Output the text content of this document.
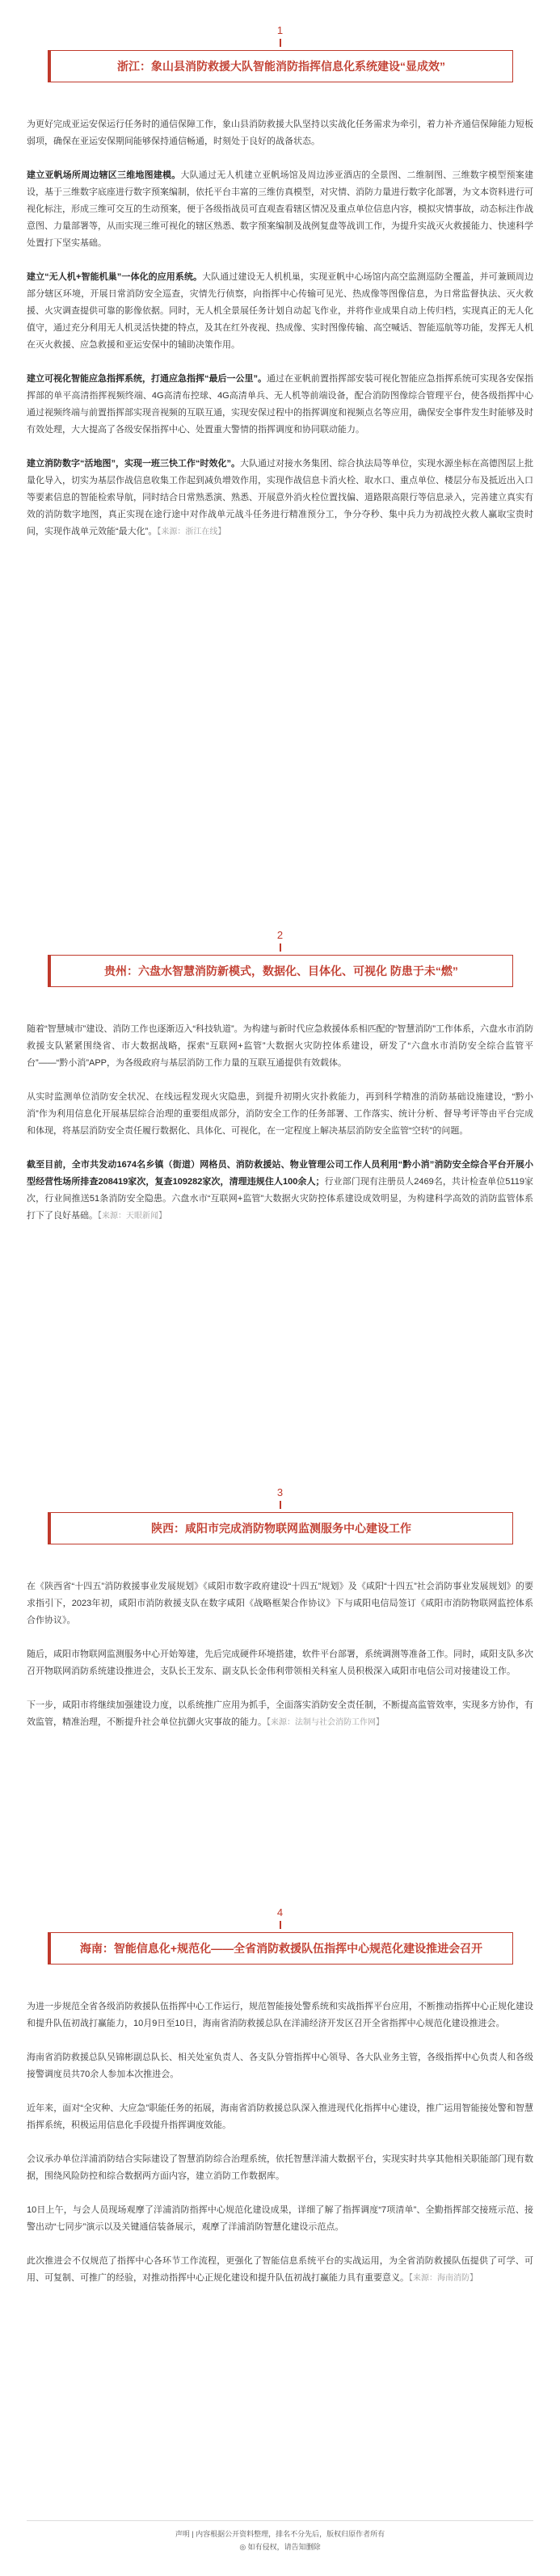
1
浙江：象山县消防救援大队智能消防指挥信息化系统建设“显成效”

为更好完成亚运安保运行任务时的通信保障工作，象山县消防救援大队坚持以实战化任务需求为牵引，着力补齐通信保障能力短板弱项，确保在亚运安保期间能够保持通信畅通，时刻处于良好的战备状态。

建立亚帆场所周边辖区三维地图建模。大队通过无人机建立亚帆场馆及周边涉亚酒店的全景图、二维制图、三维数字模型预案建设，基于三维数字底座进行数字预案编制，依托平台丰富的三维仿真模型，对灾情、消防力量进行数字化部署，为文本资料进行可视化标注，形成三维可交互的生动预案，便于各级指战员可直观查看辖区情况及重点单位信息内容，模拟灾情事故，动态标注作战意图、力量部署等，从而实现三维可视化的辖区熟悉、数字预案编制及战例复盘等战训工作，为提升实战灭火救援能力、快速科学处置打下坚实基础。

建立“无人机+智能机巢”一体化的应用系统。大队通过建设无人机机巢，实现亚帆中心场馆内高空监测巡防全覆盖，并可兼顾周边部分辖区环境，开展日常消防安全巡查，灾情先行侦察，向指挥中心传输可见光、热成像等图像信息，为日常监督执法、灭火救援、火灾调查提供可靠的影像依据。同时，无人机全景展任务计划自动起飞作业，并将作业成果自动上传归档，实现真正的无人化值守，通过充分利用无人机灵活快捷的特点，及其在红外夜视、热成像、实时图像传输、高空喊话、智能巡航等功能，发挥无人机在灭火救援、应急救援和亚运安保中的辅助决策作用。

建立可视化智能应急指挥系统，打通应急指挥“最后一公里”。通过在亚帆前置指挥部安装可视化智能应急指挥系统可实现各安保指挥部的单平高清指挥视频终端、4G高清布控球、4G高清单兵、无人机等前端设备，配合消防图像综合管理平台，使各级指挥中心通过视频终端与前置指挥部实现音视频的互联互通，实现安保过程中的指挥调度和视频点名等应用，确保安全事件发生时能够及时有效处理，大大提高了各级安保指挥中心、处置重大警情的指挥调度和协同联动能力。

建立消防数字“活地图”，实现一班三快工作“时效化”。大队通过对接水务集团、综合执法局等单位，实现水源坐标在高德图层上批量化导入，切实为基层作战信息收集工作起到减负增效作用，实现作战信息卡消火栓、取水口、重点单位、楼层分布及抵近出入口等要素信息的智能检索导航，同时结合日常熟悉演、熟悉、开展意外消火栓位置找偏、道路限高限行等信息录入，完善建立真实有效的消防数字地图，真正实现在途行途中对作战单元战斗任务进行精准预分工，争分夺秒、集中兵力为初战控火救人赢取宝贵时间，实现作战单元效能“最大化”。【来源：浙江在线】

2
贵州：六盘水智慧消防新模式，数据化、目体化、可视化 防患于未“燃”

随着“智慧城市”建设、消防工作也逐渐迈入“科技轨道”。为构建与新时代应急救援体系相匹配的“智慧消防”工作体系，六盘水市消防救援支队紧紧围绕省、市大数据战略，探索“互联网+监管”大数据火灾防控体系建设，研发了“六盘水市消防安全综合监管平台”——“黔小消”APP，为各级政府与基层消防工作力量的互联互通提供有效载体。

从实时监测单位消防安全状况、在线远程发现火灾隐患，到提升初期火灾扑救能力，再到科学精准的消防基础设施建设，“黔小消”作为利用信息化开展基层综合治理的重要组成部分，消防安全工作的任务部署、工作落实、统计分析、督导考评等由平台完成和体现，将基层消防安全责任履行数据化、具体化、可视化，在一定程度上解决基层消防安全监管“空转”的问题。

截至目前，全市共发动1674名乡镇（街道）网格员、消防救援站、物业管理公司工作人员利用“黔小消”消防安全综合平台开展小型经营性场所排查208419家次，复查109282家次，清理违规住人100余人；行业部门现有注册员人2469名，共计检查单位5119家次，行业间推送51条消防安全隐患。六盘水市“互联网+监管”大数据火灾防控体系建设成效明显，为构建科学高效的消防监管体系打下了良好基础。【来源：天眼新闻】

3
陕西：咸阳市完成消防物联网监测服务中心建设工作

在《陕西省“十四五”消防救援事业发展规划》《咸阳市数字政府建设“十四五”规划》及《咸阳“十四五”社会消防事业发展规划》的要求指引下，2023年初，咸阳市消防救援支队在数字咸阳《战略框架合作协议》下与咸阳电信局签订《咸阳市消防物联网监控体系合作协议》。

随后，咸阳市物联网监测服务中心开始筹建，先后完成硬件环境搭建，软件平台部署，系统调测等准备工作。同时，咸阳支队多次召开物联网消防系统建设推进会，支队长王发东、副支队长金伟利带领相关科室人员积极深入咸阳市电信公司对接建设工作。

下一步，咸阳市将继续加强建设力度，以系统推广应用为抓手，全面落实消防安全责任制，不断提高监管效率，实现多方协作，有效监管，精准治理，不断提升社会单位抗御火灾事故的能力。【来源：法制与社会消防工作网】

4
海南：智能信息化+规范化——全省消防救援队伍指挥中心规范化建设推进会召开

为进一步规范全省各级消防救援队伍指挥中心工作运行，规范智能接处警系统和实战指挥平台应用，不断推动指挥中心正规化建设和提升队伍初战打赢能力，10月9日至10日，海南省消防救援总队在洋浦经济开发区召开全省指挥中心规范化建设推进会。

海南省消防救援总队吴锦彬副总队长、相关处室负责人、各支队分管指挥中心领导、各大队业务主管，各级指挥中心负责人和各级接警调度员共70余人参加本次推进会。

近年来，面对“全灾种、大应急”职能任务的拓展，海南省消防救援总队深入推进现代化指挥中心建设，推广运用智能接处警和智慧指挥系统，积极运用信息化手段提升指挥调度效能。

会议承办单位洋浦消防结合实际建设了智慧消防综合治理系统，依托智慧洋浦大数据平台，实现实时共享其他相关职能部门现有数据，围绕风险防控和综合数据两方面内容，建立消防工作数据库。

10日上午，与会人员现场观摩了洋浦消防指挥中心规范化建设成果，详细了解了指挥调度“7项清单”、全勤指挥部交接班示范、接警出动“七同步”演示以及关键通信装备展示，观摩了洋浦消防智慧化建设示范点。

此次推进会不仅规范了指挥中心各环节工作流程，更强化了智能信息系统平台的实战运用，为全省消防救援队伍提供了可学、可用、可复制、可推广的经验，对推动指挥中心正规化建设和提升队伍初战打赢能力具有重要意义。【来源：海南消防】

声明 | 内容根据公开资料整理，排名不分先后，版权归原作者所有
◎ 如有侵权，请告知删除
